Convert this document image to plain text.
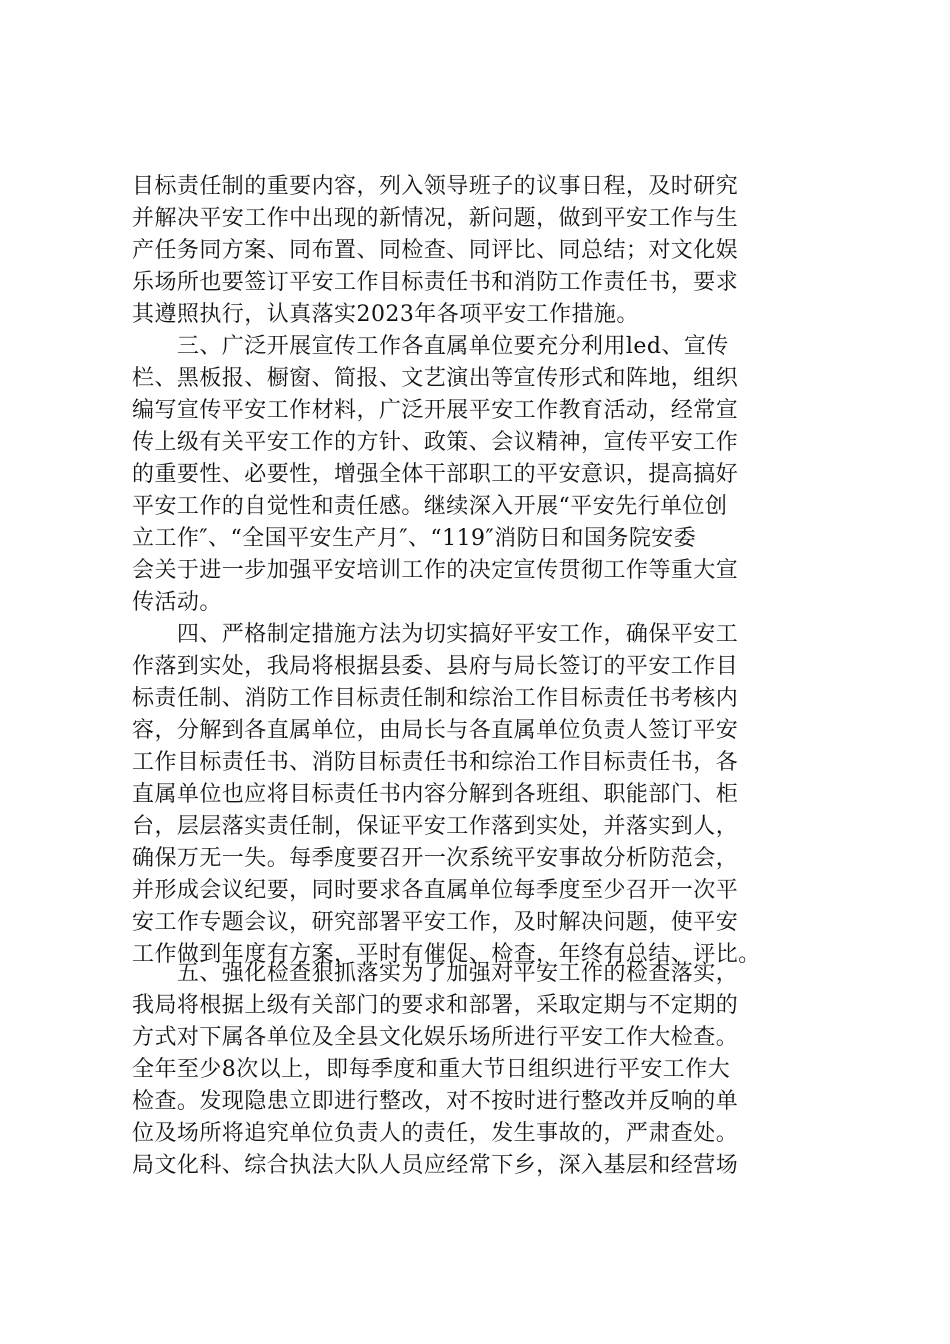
目标责任制的重要内容，列入领导班子的议事日程，及时研究
并解决平安工作中出现的新情况，新问题，做到平安工作与生
产任务同方案、同布置、同检查、同评比、同总结；对文化娱
乐场所也要签订平安工作目标责任书和消防工作责任书，要求
其遵照执行，认真落实2023年各项平安工作措施。
　　三、广泛开展宣传工作各直属单位要充分利用led、宣传
栏、黑板报、橱窗、简报、文艺演出等宣传形式和阵地，组织
编写宣传平安工作材料，广泛开展平安工作教育活动，经常宣
传上级有关平安工作的方针、政策、会议精神，宣传平安工作
的重要性、必要性，增强全体干部职工的平安意识，提高搞好
平安工作的自觉性和责任感。继续深入开展“平安先行单位创
立工作″、“全国平安生产月″、“119″消防日和国务院安委
会关于进一步加强平安培训工作的决定宣传贯彻工作等重大宣
传活动。
　　四、严格制定措施方法为切实搞好平安工作，确保平安工
作落到实处，我局将根据县委、县府与局长签订的平安工作目
标责任制、消防工作目标责任制和综治工作目标责任书考核内
容，分解到各直属单位，由局长与各直属单位负责人签订平安
工作目标责任书、消防目标责任书和综治工作目标责任书，各
直属单位也应将目标责任书内容分解到各班组、职能部门、柜
台，层层落实责任制，保证平安工作落到实处，并落实到人，
确保万无一失。每季度要召开一次系统平安事故分析防范会，
并形成会议纪要，同时要求各直属单位每季度至少召开一次平
安工作专题会议，研究部署平安工作，及时解决问题，使平安
工作做到年度有方案，平时有催促、检查，年终有总结、评比。
　　五、强化检查狠抓落实为了加强对平安工作的检查落实，
我局将根据上级有关部门的要求和部署，采取定期与不定期的
方式对下属各单位及全县文化娱乐场所进行平安工作大检查。
全年至少8次以上，即每季度和重大节日组织进行平安工作大
检查。发现隐患立即进行整改，对不按时进行整改并反响的单
位及场所将追究单位负责人的责任，发生事故的，严肃查处。
局文化科、综合执法大队人员应经常下乡，深入基层和经营场
